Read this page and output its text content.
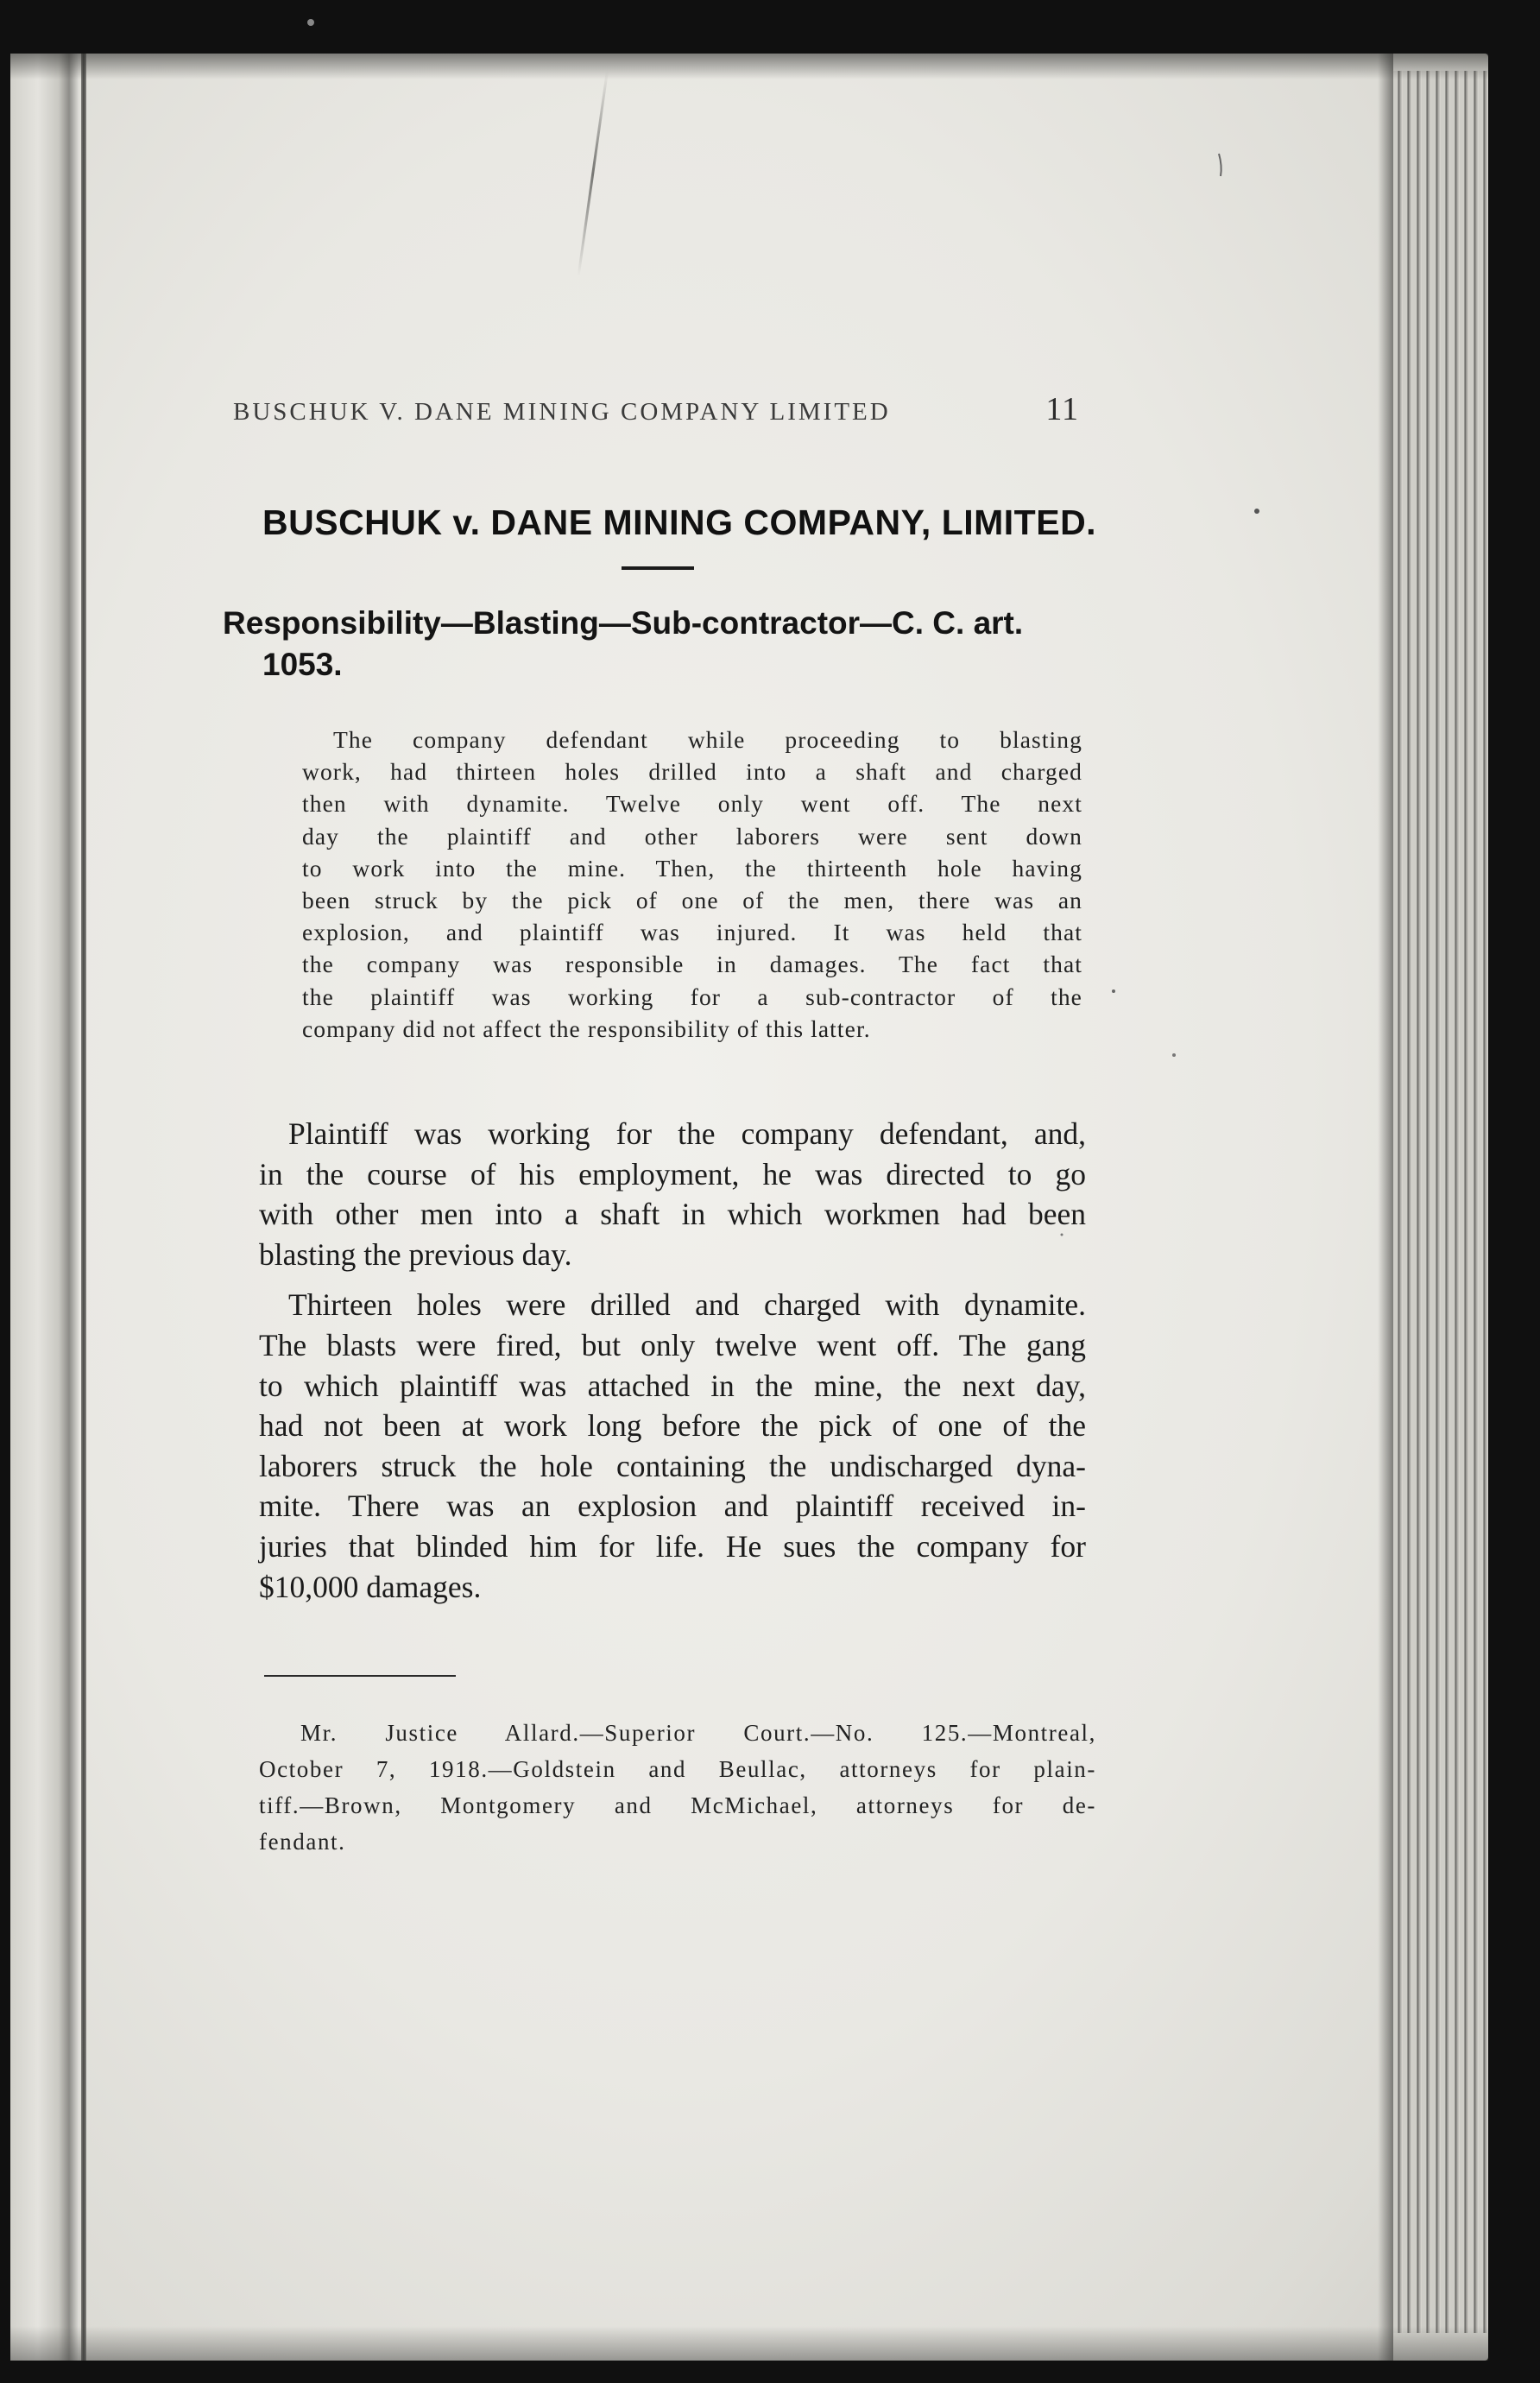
BUSCHUK V. DANE MINING COMPANY LIMITED	11
BUSCHUK v. DANE MINING COMPANY, LIMITED.
Responsibility—Blasting—Sub-contractor—C. C. art.
1053.
The company defendant while proceeding to blasting
work, had thirteen holes drilled into a shaft and charged
then with dynamite. Twelve only went off. The next
day the plaintiff and other laborers were sent down
to work into the mine. Then, the thirteenth hole having
been struck by the pick of one of the men, there was an
explosion, and plaintiff was injured. It was held that
the company was responsible in damages. The fact that
the plaintiff was working for a sub-contractor of the
company did not affect the responsibility of this latter.
Plaintiff was working for the company defendant, and,
in the course of his employment, he was directed to go
with other men into a shaft in which workmen had been
blasting the previous day.
Thirteen holes were drilled and charged with dynamite.
The blasts were fired, but only twelve went off. The gang
to which plaintiff was attached in the mine, the next day,
had not been at work long before the pick of one of the
laborers struck the hole containing the undischarged dyna-
mite. There was an explosion and plaintiff received in-
juries that blinded him for life. He sues the company for
$10,000 damages.
Mr. Justice Allard.—Superior Court.—No. 125.—Montreal,
October 7, 1918.—Goldstein and Beullac, attorneys for plain-
tiff.—Brown, Montgomery and McMichael, attorneys for de-
fendant.
